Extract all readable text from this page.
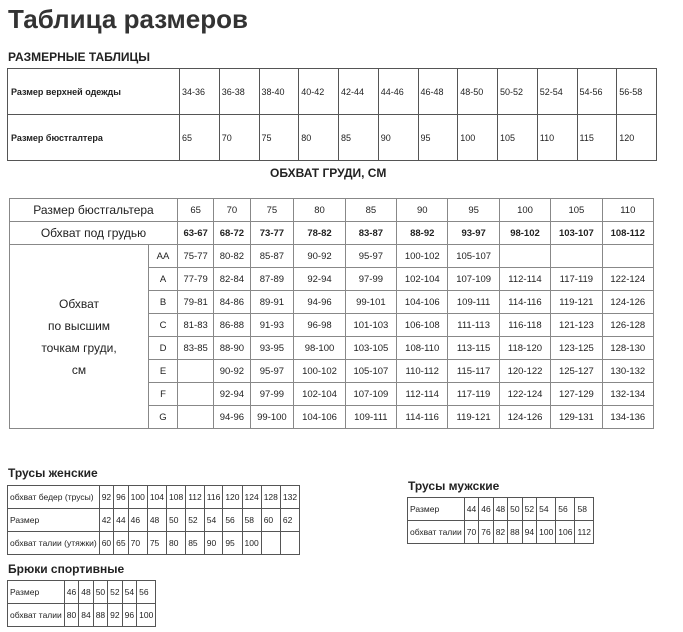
Таблица размеров
РАЗМЕРНЫЕ ТАБЛИЦЫ
Размер верхней одежды	34-36	36-38	38-40	40-42	42-44	44-46	46-48	48-50	50-52	52-54	54-56	56-58
Размер бюстгалтера	65	70	75	80	85	90	95	100	105	110	115	120
ОБХВАТ ГРУДИ, СМ
Размер бюстгальтера		65	70	75	80	85	90	95	100	105	110
Обхват под грудью		63-67	68-72	73-77	78-82	83-87	88-92	93-97	98-102	103-107	108-112

Обхват
по высшим
точкам груди,
см	AA	75-77	80-82	85-87	90-92	95-97	100-102	105-107			
	A	77-79	82-84	87-89	92-94	97-99	102-104	107-109	112-114	117-119	122-124
	B	79-81	84-86	89-91	94-96	99-101	104-106	109-111	114-116	119-121	124-126
	C	81-83	86-88	91-93	96-98	101-103	106-108	111-113	116-118	121-123	126-128
	D	83-85	88-90	93-95	98-100	103-105	108-110	113-115	118-120	123-125	128-130
	E		90-92	95-97	100-102	105-107	110-112	115-117	120-122	125-127	130-132
	F		92-94	97-99	102-104	107-109	112-114	117-119	122-124	127-129	132-134
	G		94-96	99-100	104-106	109-111	114-116	119-121	124-126	129-131	134-136
Трусы женские
обхват бедер (трусы)	92	96	100	104	108	112	116	120	124	128	132
Размер	42	44	46	48	50	52	54	56	58	60	62
обхват талии (утяжки)	60	65	70	75	80	85	90	95	100		
Трусы мужские
Размер	44	46	48	50	52	54	56	58
обхват талии	70	76	82	88	94	100	106	112
Брюки спортивные
Размер	46	48	50	52	54	56
обхват талии	80	84	88	92	96	100
